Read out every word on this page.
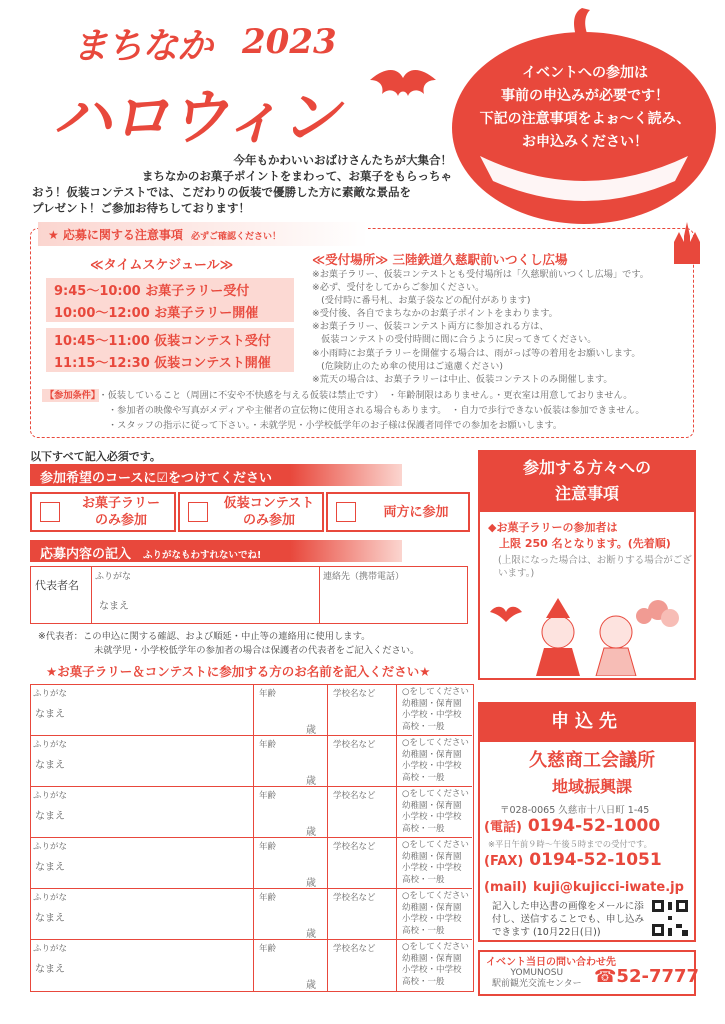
まちなか 2023
ハロウィン
イベントへの参加は
事前の申込みが必要です！
下記の注意事項をよぉ～く読み、
お申込みください！
今年もかわいいおばけさんたちが大集合！
まちなかのお菓子ポイントをまわって、お菓子をもらっちゃ
おう！仮装コンテストでは、こだわりの仮装で優勝した方に素敵な景品を
プレゼント！ご参加お待ちしております！
★ 応募に関する注意事項 必ずご確認ください！
≪タイムスケジュール≫
9:45～10:00 お菓子ラリー受付
10:00～12:00 お菓子ラリー開催
10:45～11:00 仮装コンテスト受付
11:15～12:30 仮装コンテスト開催
≪受付場所≫ 三陸鉄道久慈駅前いつくし広場
※お菓子ラリー、仮装コンテストとも受付場所は「久慈駅前いつくし広場」です。
※必ず、受付をしてからご参加ください。
　(受付時に番号札、お菓子袋などの配付があります)
※受付後、各自でまちなかのお菓子ポイントをまわります。
※お菓子ラリー、仮装コンテスト両方に参加される方は、
　仮装コンテストの受付時間に間に合うように戻ってきてください。
※小雨時にお菓子ラリーを開催する場合は、雨がっぱ等の着用をお願いします。
　(危険防止のため傘の使用はご遠慮ください)
※荒天の場合は、お菓子ラリーは中止、仮装コンテストのみ開催します。
【参加条件】 ・仮装していること（周囲に不安や不快感を与える仮装は禁止です）　・年齢制限はありません。・更衣室は用意しておりません。
・参加者の映像や写真がメディアや主催者の宣伝物に使用される場合もあります。　・自力で歩行できない仮装は参加できません。
・スタッフの指示に従って下さい。・未就学児・小学校低学年のお子様は保護者同伴での参加をお願いします。
以下すべて記入必須です。
参加希望のコースに☑をつけてください
お菓子ラリー
のみ参加
仮装コンテスト
のみ参加
両方に参加
応募内容の記入 ふりがなもわすれないでね!
代表者名
ふりがな
なまえ
連絡先（携帯電話）
※代表者：この申込に関する確認、および順延・中止等の連絡用に使用します。
未就学児・小学校低学年の参加者の場合は保護者の代表者をご記入ください。
★お菓子ラリー＆コンテストに参加する方のお名前を記入ください★
ふりがな
なまえ
年齢
歳
学校名など	○をしてください
幼稚園・保育園
小学校・中学校
高校・一般
ふりがな
なまえ
年齢
歳
学校名など	○をしてください
幼稚園・保育園
小学校・中学校
高校・一般
ふりがな
なまえ
年齢
歳
学校名など	○をしてください
幼稚園・保育園
小学校・中学校
高校・一般
ふりがな
なまえ
年齢
歳
学校名など	○をしてください
幼稚園・保育園
小学校・中学校
高校・一般
ふりがな
なまえ
年齢
歳
学校名など	○をしてください
幼稚園・保育園
小学校・中学校
高校・一般
ふりがな
なまえ
年齢
歳
学校名など	○をしてください
幼稚園・保育園
小学校・中学校
高校・一般
参加する方々への
注意事項
◆お菓子ラリーの参加者は
　上限 250 名となります。(先着順)
(上限になった場合は、お断りする場合がございます。)
申込先
久慈商工会議所
地域振興課
〒028-0065 久慈市十八日町 1-45
(電話) 0194-52-1000
※平日午前９時～午後５時までの受付です。
(FAX) 0194-52-1051
(mail) kuji@kujicci-iwate.jp
記入した申込書の画像をメールに添付し、送信することでも、申し込みできます (10月22日(日))
イベント当日の問い合わせ先
YOMUNOSU
駅前観光交流センター ☎52-7777
